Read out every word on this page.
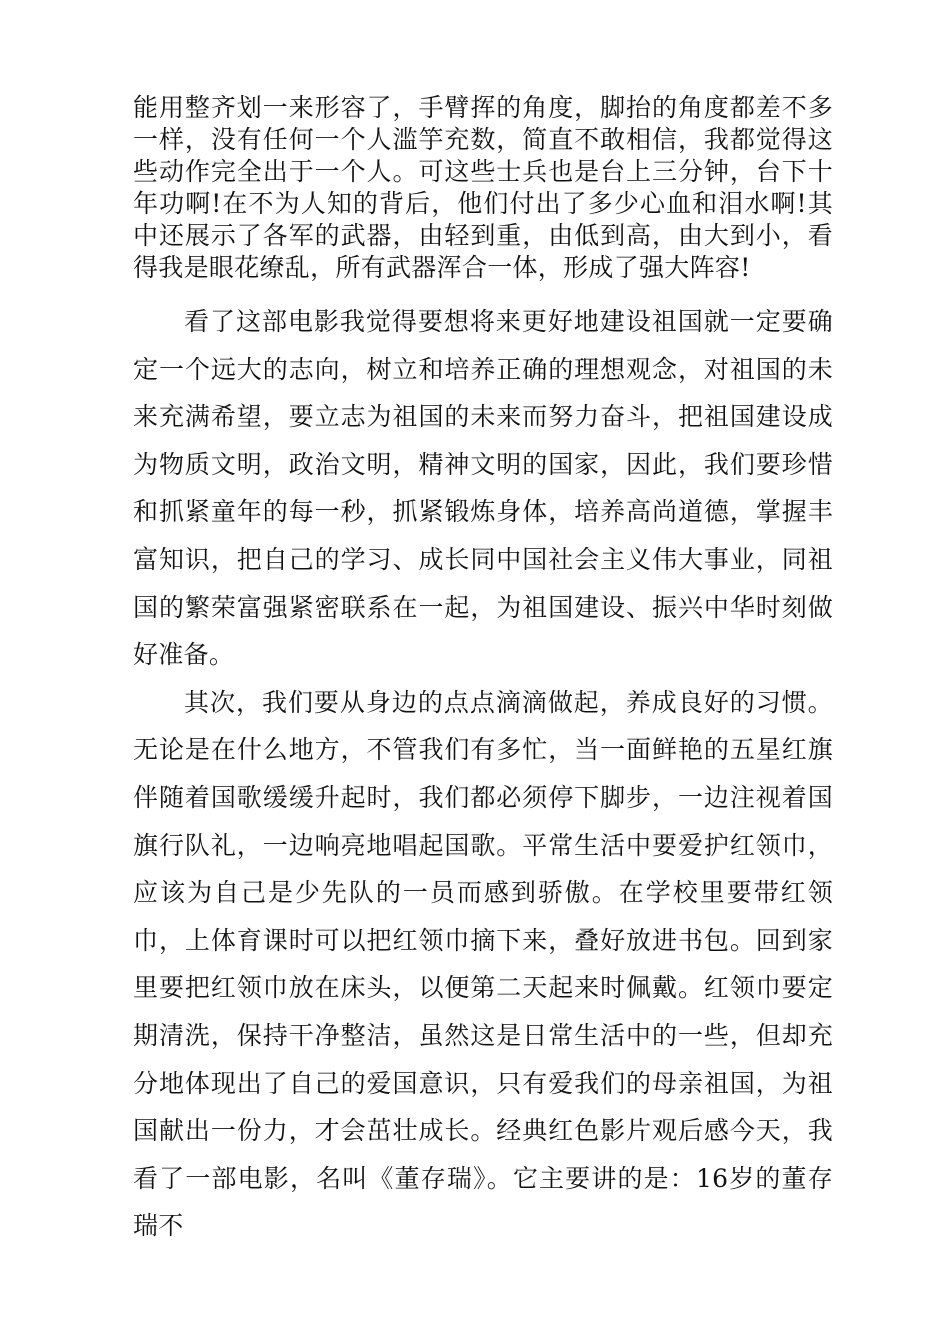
能用整齐划一来形容了，手臂挥的角度，脚抬的角度都差不多一样，没有任何一个人滥竽充数，简直不敢相信，我都觉得这些动作完全出于一个人。可这些士兵也是台上三分钟，台下十年功啊!在不为人知的背后，他们付出了多少心血和泪水啊!其中还展示了各军的武器，由轻到重，由低到高，由大到小，看得我是眼花缭乱，所有武器浑合一体，形成了强大阵容!

看了这部电影我觉得要想将来更好地建设祖国就一定要确定一个远大的志向，树立和培养正确的理想观念，对祖国的未来充满希望，要立志为祖国的未来而努力奋斗，把祖国建设成为物质文明，政治文明，精神文明的国家，因此，我们要珍惜和抓紧童年的每一秒，抓紧锻炼身体，培养高尚道德，掌握丰富知识，把自己的学习、成长同中国社会主义伟大事业，同祖国的繁荣富强紧密联系在一起，为祖国建设、振兴中华时刻做好准备。

其次，我们要从身边的点点滴滴做起，养成良好的习惯。无论是在什么地方，不管我们有多忙，当一面鲜艳的五星红旗伴随着国歌缓缓升起时，我们都必须停下脚步，一边注视着国旗行队礼，一边响亮地唱起国歌。平常生活中要爱护红领巾，应该为自己是少先队的一员而感到骄傲。在学校里要带红领巾，上体育课时可以把红领巾摘下来，叠好放进书包。回到家里要把红领巾放在床头，以便第二天起来时佩戴。红领巾要定期清洗，保持干净整洁，虽然这是日常生活中的一些，但却充分地体现出了自己的爱国意识，只有爱我们的母亲祖国，为祖国献出一份力，才会茁壮成长。经典红色影片观后感今天，我看了一部电影，名叫《董存瑞》。它主要讲的是：16岁的董存瑞不
